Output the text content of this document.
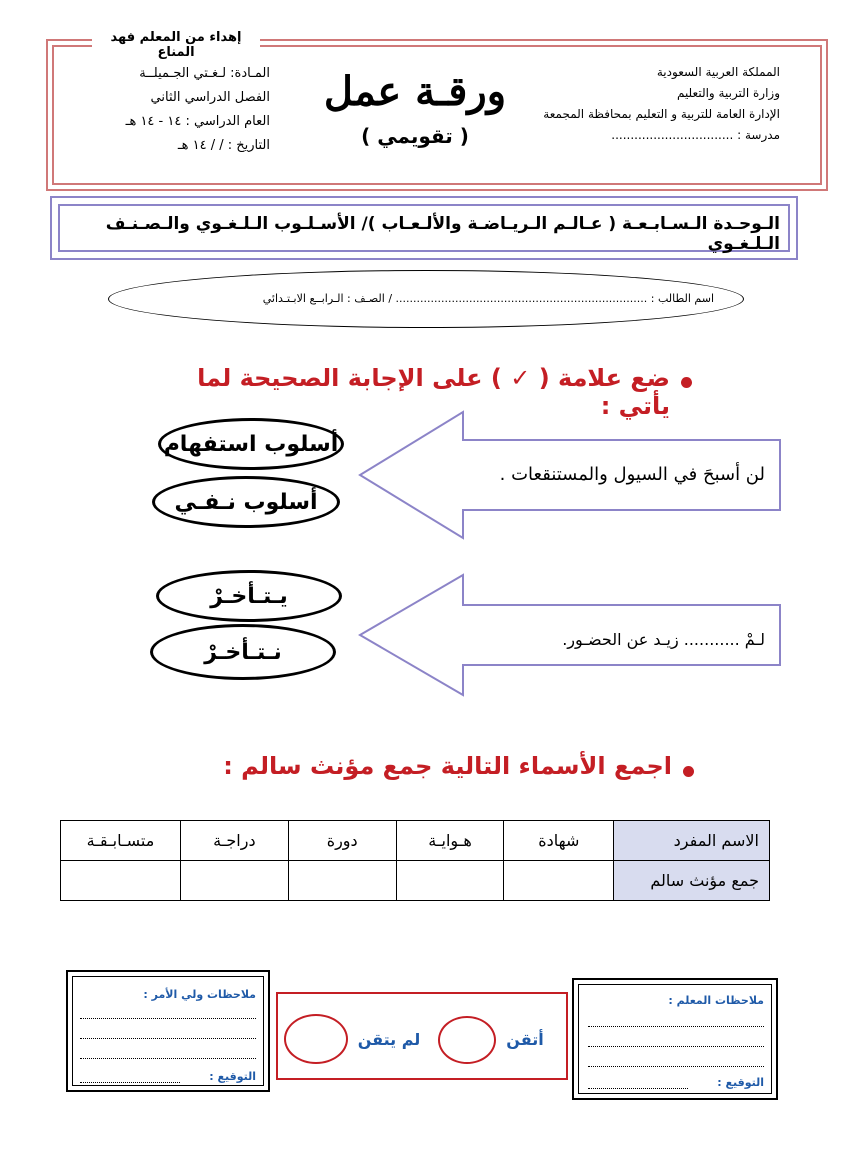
إهداء من المعلم فهد المناع
المملكة العربية السعودية
وزارة التربية والتعليم
الإدارة العامة للتربية و التعليم بمحافظة المجمعة
مدرسة : ................................
ورقـة عمل
( تقويمي )
المـادة: لـغـتي الجـميلــة
الفصل الدراسي الثاني
العام الدراسي : ١٤ - ١٤ هـ
التاريخ : / / ١٤ هـ
الـوحـدة الـسـابـعـة ( عـالـم الـريـاضـة والألـعـاب )/ الأسـلـوب الـلـغـوي والـصـنـف الـلـغـوي
اسم الطالب : ........................................................................ / الصـف : الـرابــع الابـتـدائي
ضع علامة ( ✓ ) على الإجابة الصحيحة لما يأتي :
لن أسبحَ في السيول والمستنقعات .
لـمْ ........... زيـد عن الحضـور.
أسلوب استفهام
أسلوب نـفـي
يـتـأخـرْ
نـتـأخـرْ
اجمع الأسماء التالية جمع مؤنث سالم :
الاسم المفرد	شهادة	هـوايـة	دورة	دراجـة	متسـابـقـة
جمع مؤنث سالم					
ملاحظات المعلم :
التوقيع :
أتقن
لم يتقن
ملاحظات ولي الأمر :
التوقيع :
